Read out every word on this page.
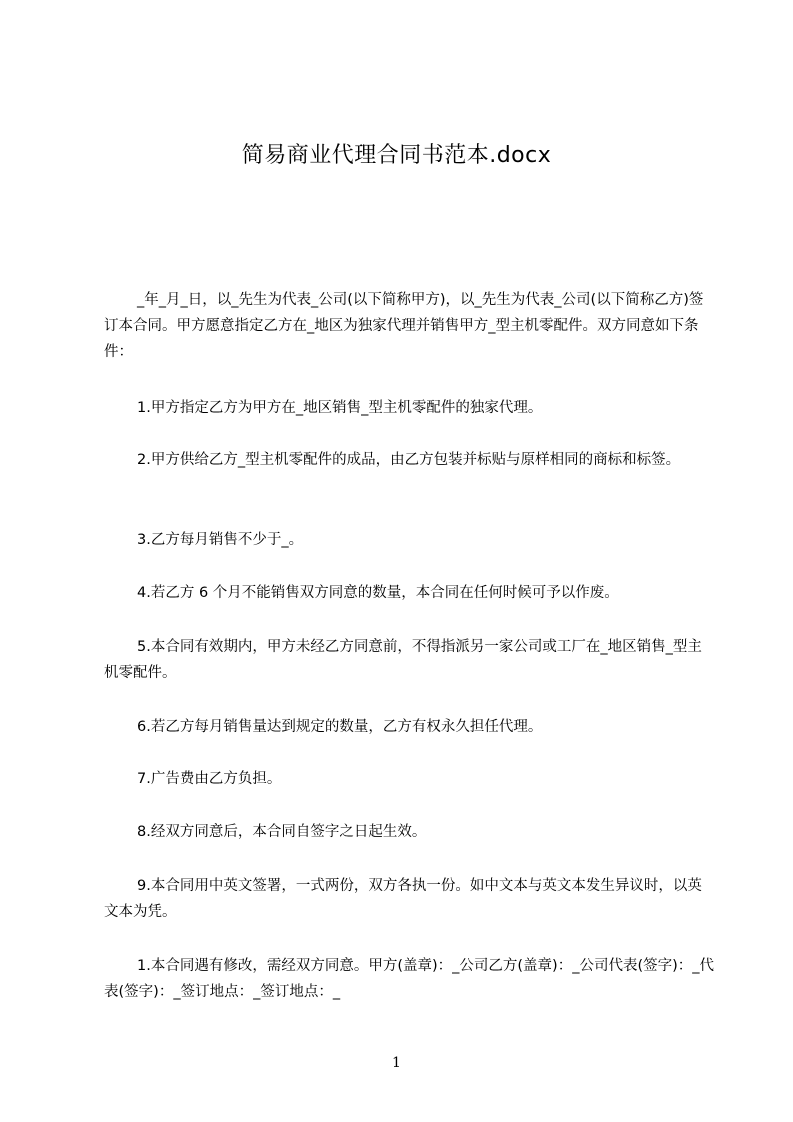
简易商业代理合同书范本.docx

_年_月_日，以_先生为代表_公司(以下简称甲方)，以_先生为代表_公司(以下简称乙方)签订本合同。甲方愿意指定乙方在_地区为独家代理并销售甲方_型主机零配件。双方同意如下条件：

1.甲方指定乙方为甲方在_地区销售_型主机零配件的独家代理。

2.甲方供给乙方_型主机零配件的成品，由乙方包装并标贴与原样相同的商标和标签。

3.乙方每月销售不少于_。

4.若乙方 6 个月不能销售双方同意的数量，本合同在任何时候可予以作废。

5.本合同有效期内，甲方未经乙方同意前，不得指派另一家公司或工厂在_地区销售_型主机零配件。

6.若乙方每月销售量达到规定的数量，乙方有权永久担任代理。

7.广告费由乙方负担。

8.经双方同意后，本合同自签字之日起生效。

9.本合同用中英文签署，一式两份，双方各执一份。如中文本与英文本发生异议时，以英文本为凭。

1.本合同遇有修改，需经双方同意。甲方(盖章)：_公司乙方(盖章)：_公司代表(签字)：_代表(签字)：_签订地点：_签订地点：_

1
